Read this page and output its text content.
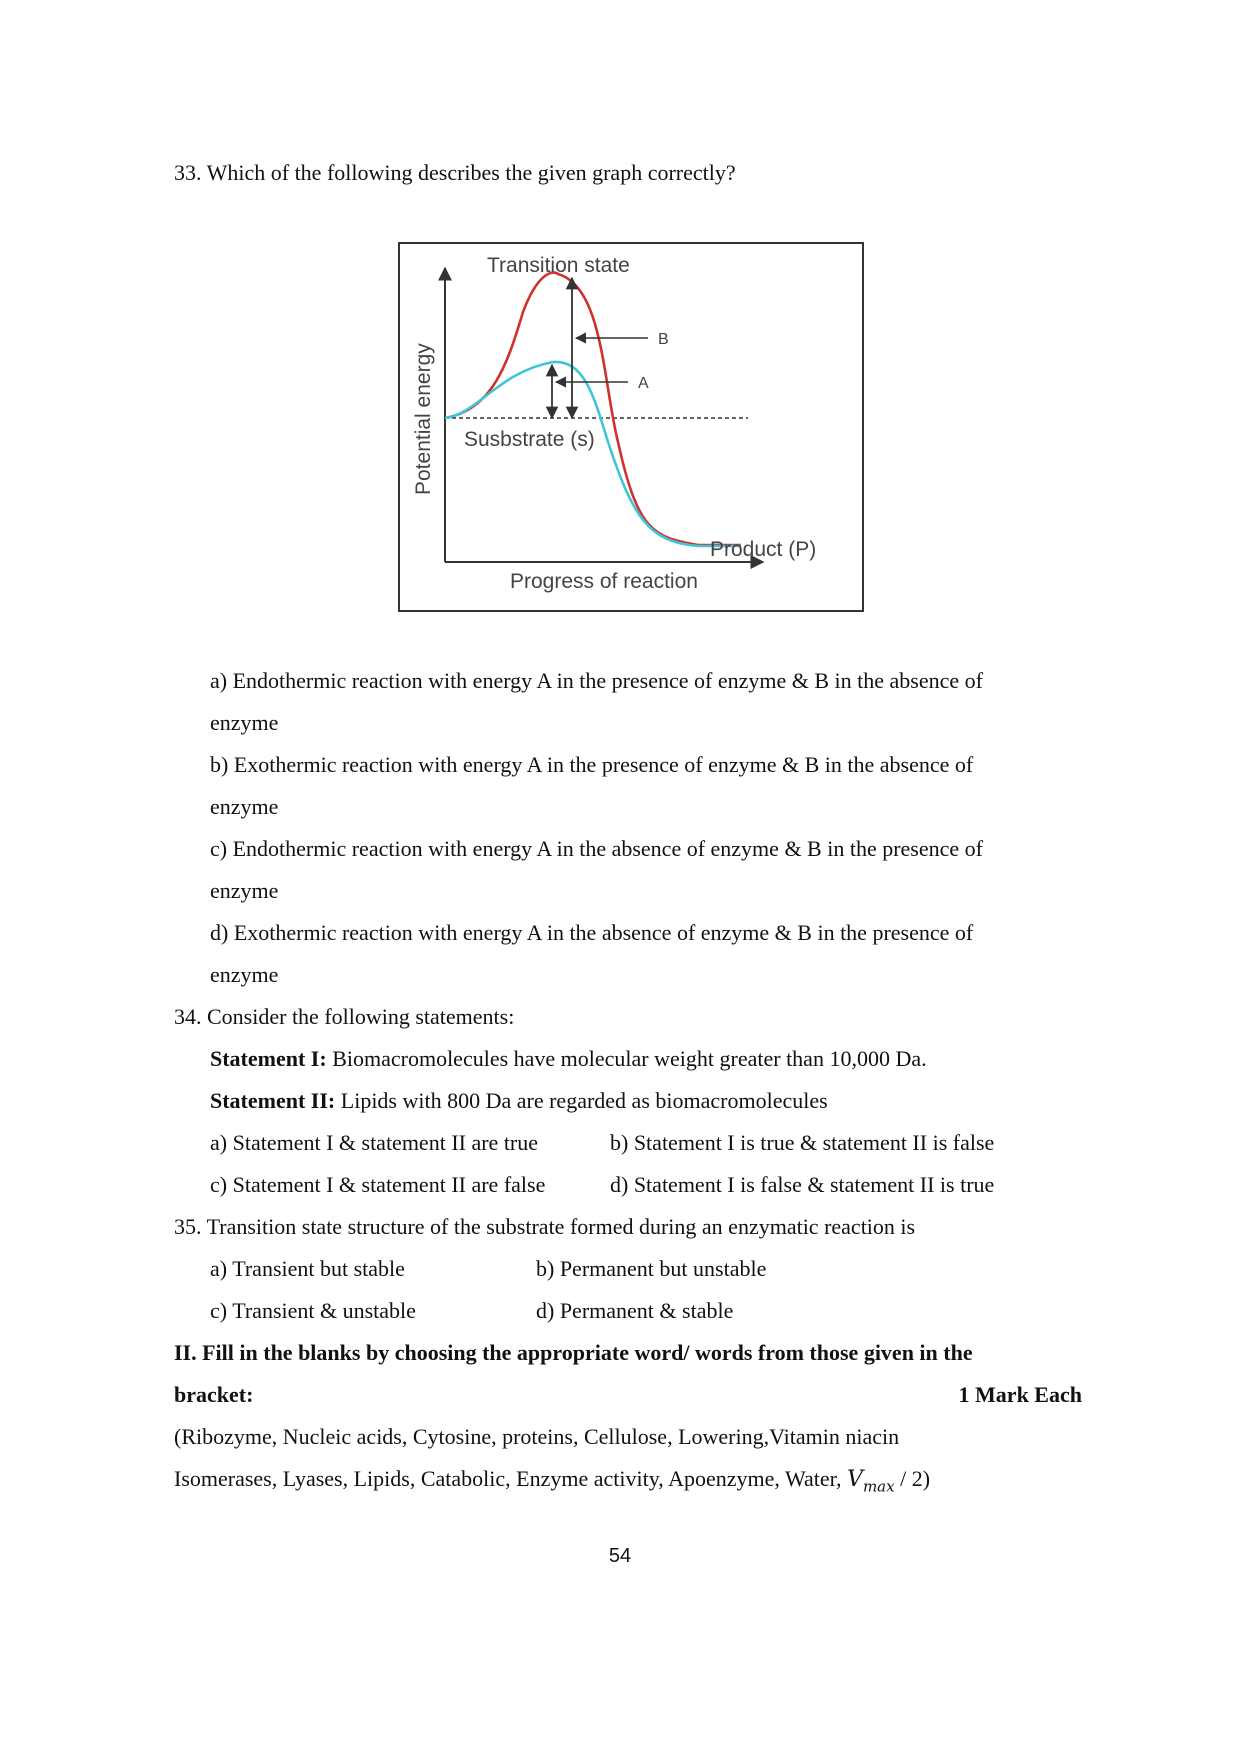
33. Which of the following describes the given graph correctly?
Transition state
B
A
Susbstrate (s)
Potential energy
Product (P)
Progress of reaction
a) Endothermic reaction with energy A in the presence of enzyme & B in the absence of
enzyme
b) Exothermic reaction with energy A in the presence of enzyme & B in the absence of
enzyme
c) Endothermic reaction with energy A in the absence of enzyme & B in the presence of
enzyme
d) Exothermic reaction with energy A in the absence of enzyme & B in the presence of
enzyme
34. Consider the following statements:
Statement I: Biomacromolecules have molecular weight greater than 10,000 Da.
Statement II: Lipids with 800 Da are regarded as biomacromolecules
a) Statement I & statement II are true	b) Statement I is true & statement II is false
c) Statement I & statement II are false	d) Statement I is false & statement II is true
35. Transition state structure of the substrate formed during an enzymatic reaction is
a) Transient but stable	b) Permanent but unstable
c) Transient & unstable	d) Permanent & stable
II. Fill in the blanks by choosing the appropriate word/ words from those given in the
bracket:	1 Mark Each
(Ribozyme, Nucleic acids, Cytosine, proteins, Cellulose, Lowering,Vitamin niacin
Isomerases, Lyases, Lipids, Catabolic, Enzyme activity, Apoenzyme, Water, $V_{max} / 2$)
54
